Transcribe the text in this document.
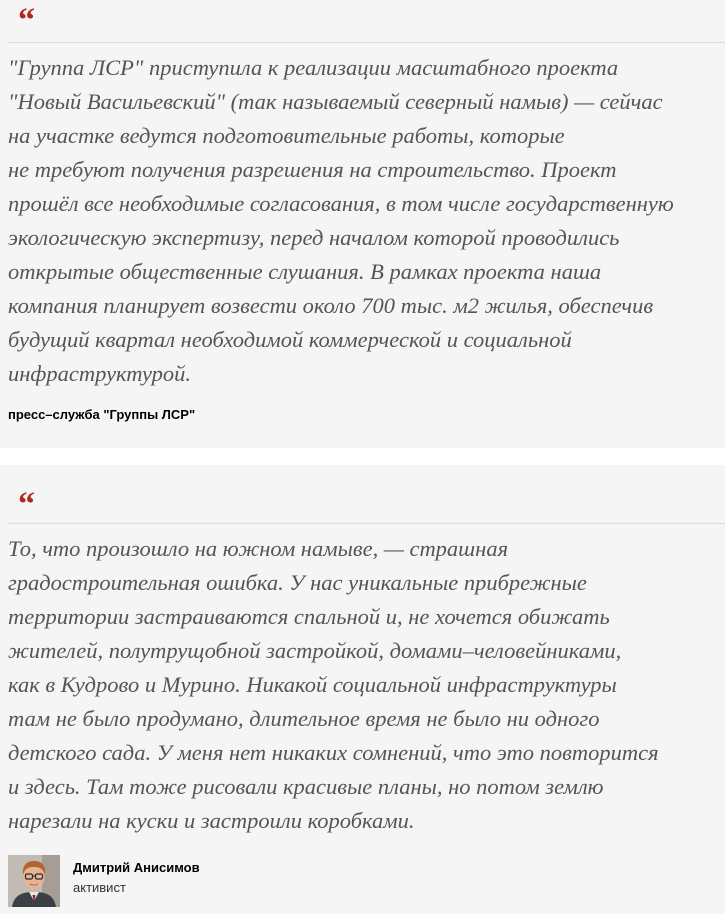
“

"Группа ЛСР" приступила к реализации масштабного проекта
"Новый Васильевский" (так называемый северный намыв) — сейчас
на участке ведутся подготовительные работы, которые
не требуют получения разрешения на строительство. Проект
прошёл все необходимые согласования, в том числе государственную
экологическую экспертизу, перед началом которой проводились
открытые общественные слушания. В рамках проекта наша
компания планирует возвести около 700 тыс. м2 жилья, обеспечив
будущий квартал необходимой коммерческой и социальной
инфраструктурой.

пресс–служба "Группы ЛСР"
“

То, что произошло на южном намыве, — страшная
градостроительная ошибка. У нас уникальные прибрежные
территории застраиваются спальной и, не хочется обижать
жителей, полутрущобной застройкой, домами–человейниками,
как в Кудрово и Мурино. Никакой социальной инфраструктуры
там не было продумано, длительное время не было ни одного
детского сада. У меня нет никаких сомнений, что это повторится
и здесь. Там тоже рисовали красивые планы, но потом землю
нарезали на куски и застроили коробками.

Дмитрий Анисимов
активист
